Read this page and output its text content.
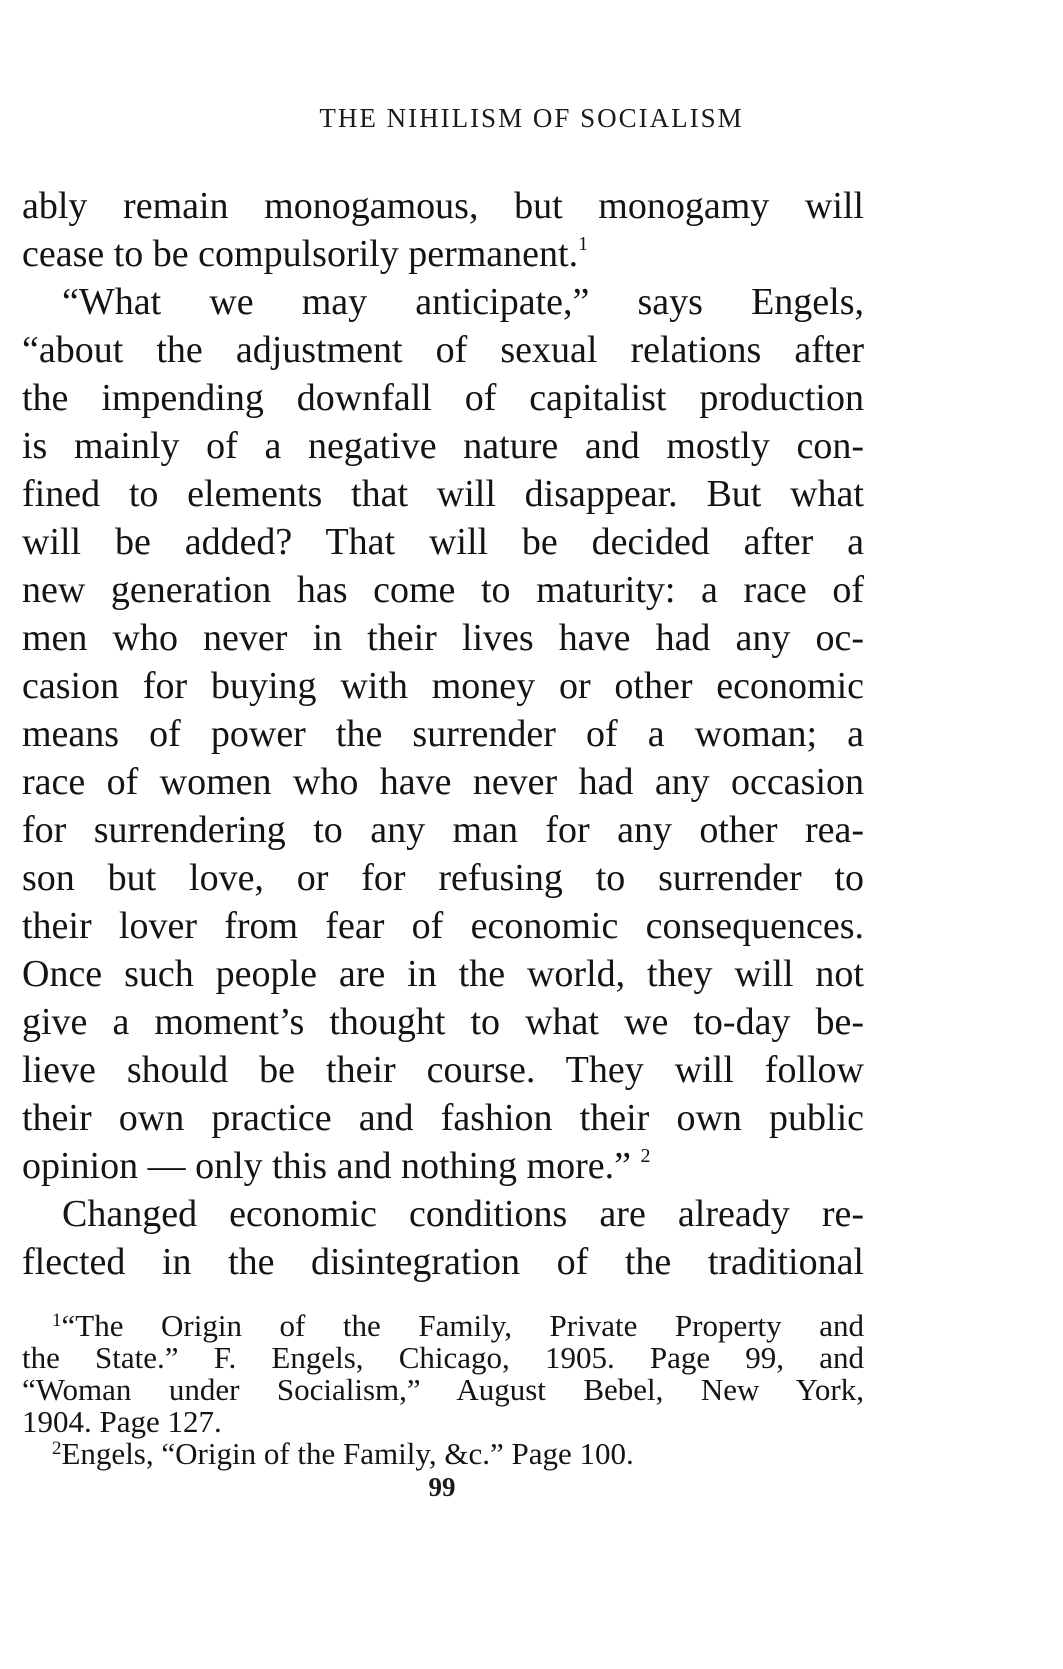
THE NIHILISM OF SOCIALISM
ably remain monogamous, but monogamy will
cease to be compulsorily permanent.$^1$
“What we may anticipate,” says Engels,
“about the adjustment of sexual relations after
the impending downfall of capitalist production
is mainly of a negative nature and mostly con-
fined to elements that will disappear. But what
will be added? That will be decided after a
new generation has come to maturity: a race of
men who never in their lives have had any oc-
casion for buying with money or other economic
means of power the surrender of a woman; a
race of women who have never had any occasion
for surrendering to any man for any other rea-
son but love, or for refusing to surrender to
their lover from fear of economic consequences.
Once such people are in the world, they will not
give a moment’s thought to what we to-day be-
lieve should be their course. They will follow
their own practice and fashion their own public
opinion — only this and nothing more.” $^2$
Changed economic conditions are already re-
flected in the disintegration of the traditional
$^1$“The Origin of the Family, Private Property and
the State.” F. Engels, Chicago, 1905. Page 99, and
“Woman under Socialism,” August Bebel, New York,
1904. Page 127.
$^2$Engels, “Origin of the Family, &c.” Page 100.
99
